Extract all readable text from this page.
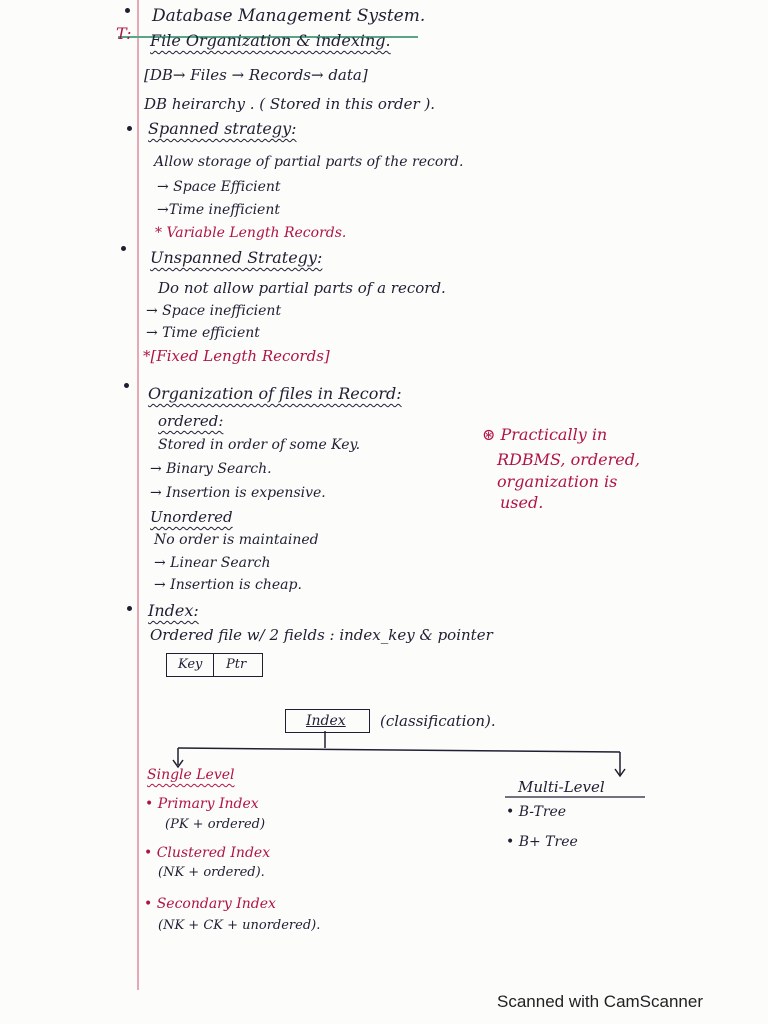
Database Management System.
T: File Organization & indexing.
[DB→ Files → Records→ data]
DB heirarchy . ( Stored in this order ).
Spanned strategy:
Allow storage of partial parts of the record.
→ Space Efficient
→Time inefficient
* Variable Length Records.
Unspanned Strategy:
Do not allow partial parts of a record.
→ Space inefficient
→ Time efficient
*[Fixed Length Records]
Organization of files in Record:
ordered:
Stored in order of some Key.
→ Binary Search.
→ Insertion is expensive.
Unordered
No order is maintained
→ Linear Search
→ Insertion is cheap.
⊛ Practically in
RDBMS, ordered,
organization is
used.
Index:
Ordered file w/ 2 fields : index_key & pointer
Key Ptr
Index (classification).
Single Level
• Primary Index
(PK + ordered)
• Clustered Index
(NK + ordered).
• Secondary Index
(NK + CK + unordered).
Multi-Level
• B-Tree
• B+ Tree
Scanned with CamScanner
